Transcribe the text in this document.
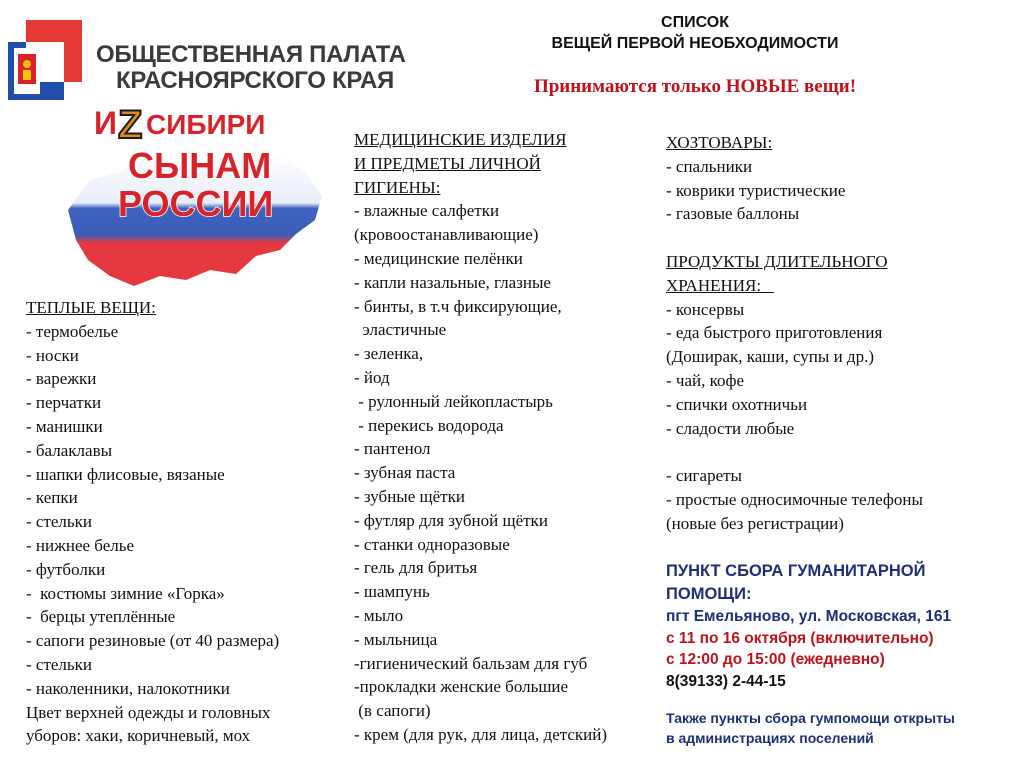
ОБЩЕСТВЕННАЯ ПАЛАТА
КРАСНОЯРСКОГО КРАЯ
И Z СИБИРИ
СЫНАМ
РОССИИ
СПИСОК
ВЕЩЕЙ ПЕРВОЙ НЕОБХОДИМОСТИ
Принимаются только НОВЫЕ вещи!
ТЕПЛЫЕ ВЕЩИ:
- термобелье
- носки
- варежки
- перчатки
- манишки
- балаклавы
- шапки флисовые, вязаные
- кепки
- стельки
- нижнее белье
- футболки
-  костюмы зимние «Горка»
-  берцы утеплённые
- сапоги резиновые (от 40 размера)
- стельки
- наколенники, налокотники
Цвет верхней одежды и головных
уборов: хаки, коричневый, мох
МЕДИЦИНСКИЕ ИЗДЕЛИЯ
И ПРЕДМЕТЫ ЛИЧНОЙ
ГИГИЕНЫ:
- влажные салфетки
(кровоостанавливающие)
- медицинские пелёнки
- капли назальные, глазные
- бинты, в т.ч фиксирующие,
эластичные
- зеленка,
- йод
- рулонный лейкопластырь
- перекись водорода
- пантенол
- зубная паста
- зубные щётки
- футляр для зубной щётки
- станки одноразовые
- гель для бритья
- шампунь
- мыло
- мыльница
-гигиенический бальзам для губ
-прокладки женские большие
(в сапоги)
- крем (для рук, для лица, детский)
ХОЗТОВАРЫ:
- спальники
- коврики туристические
- газовые баллоны
ПРОДУКТЫ ДЛИТЕЛЬНОГО
ХРАНЕНИЯ:
- консервы
- еда быстрого приготовления
(Доширак, каши, супы и др.)
- чай, кофе
- спички охотничьи
- сладости любые
- сигареты
- простые односимочные телефоны
(новые без регистрации)
ПУНКТ СБОРА ГУМАНИТАРНОЙ
ПОМОЩИ:
пгт Емельяново, ул. Московская, 161
с 11 по 16 октября (включительно)
с 12:00 до 15:00 (ежедневно)
8(39133) 2-44-15
Также пункты сбора гумпомощи открыты
в администрациях поселений
